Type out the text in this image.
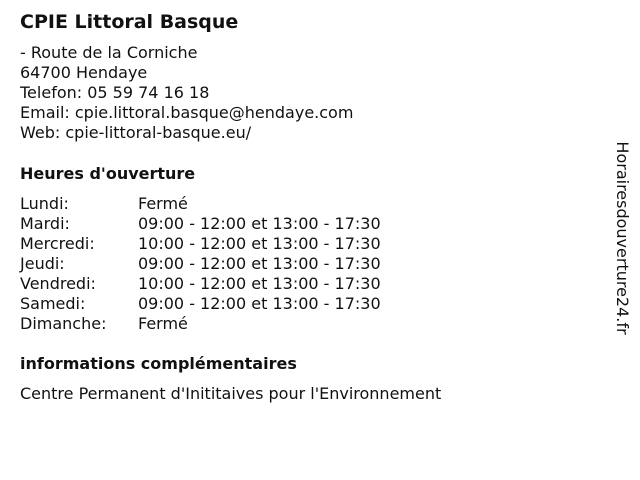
CPIE Littoral Basque
- Route de la Corniche
64700 Hendaye
Telefon: 05 59 74 16 18
Email: cpie.littoral.basque@hendaye.com
Web: cpie-littoral-basque.eu/
Heures d'ouverture
Lundi:	Fermé
Mardi:	09:00 - 12:00 et 13:00 - 17:30
Mercredi:	10:00 - 12:00 et 13:00 - 17:30
Jeudi:	09:00 - 12:00 et 13:00 - 17:30
Vendredi:	10:00 - 12:00 et 13:00 - 17:30
Samedi:	09:00 - 12:00 et 13:00 - 17:30
Dimanche:	Fermé
informations complémentaires
Centre Permanent d'Inititaives pour l'Environnement
Horairesdouverture24.fr
